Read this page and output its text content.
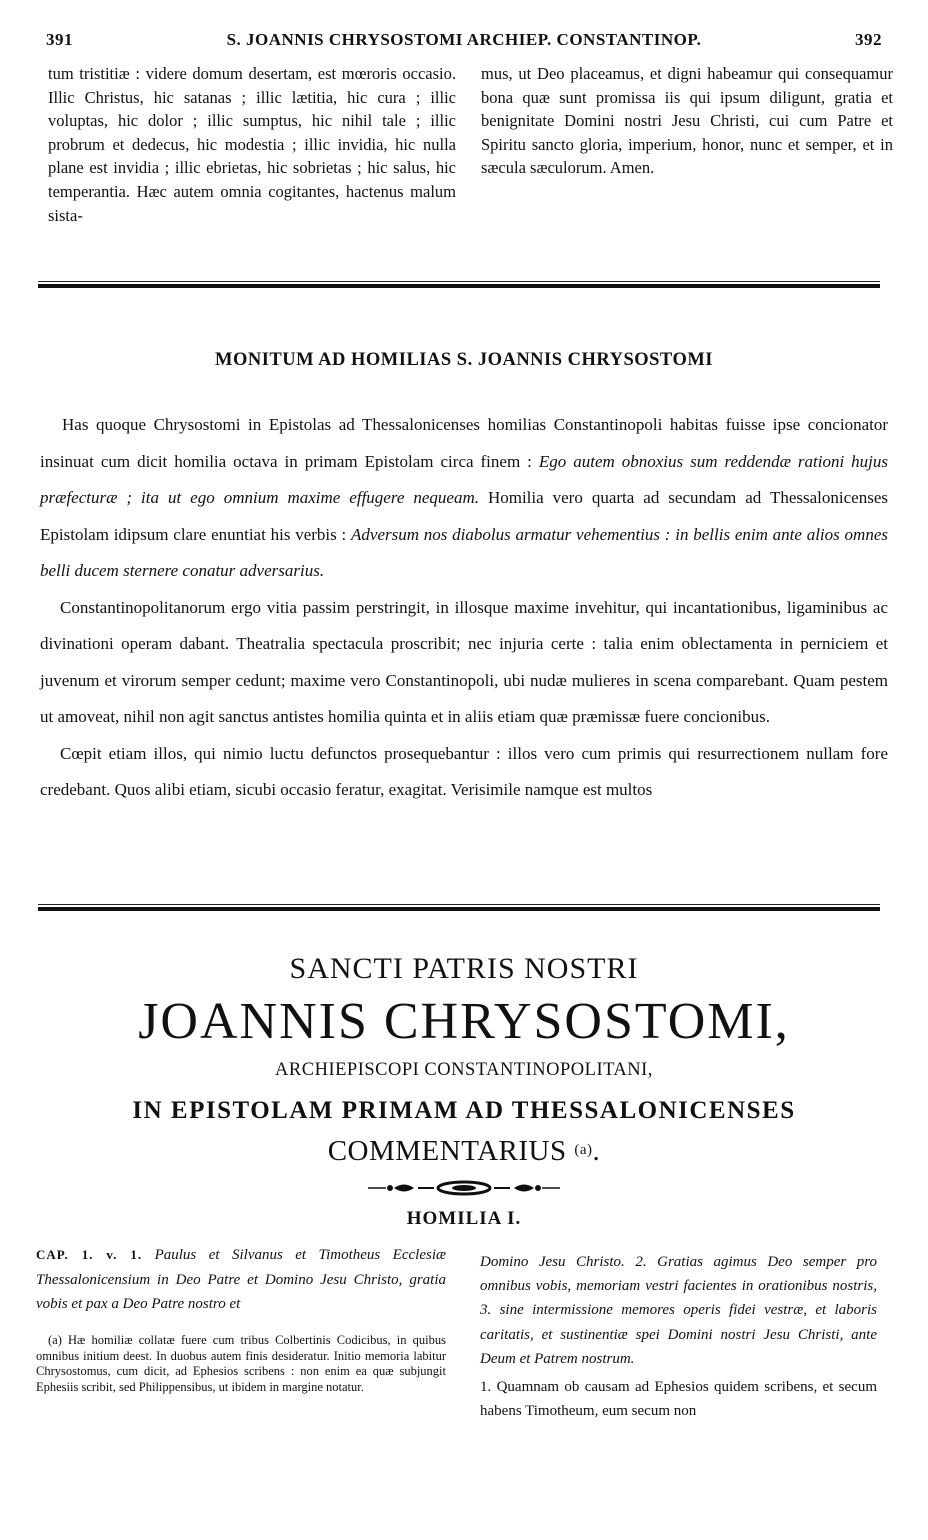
391	S. JOANNIS CHRYSOSTOMI ARCHIEP. CONSTANTINOP.	392

tum tristitiæ : videre domum desertam, est mœroris occasio. Illic Christus, hic satanas ; illic lætitia, hic cura ; illic voluptas, hic dolor ; illic sumptus, hic nihil tale ; illic probrum et dedecus, hic modestia ; illic invidia, hic nulla plane est invidia ; illic ebrietas, hic sobrietas ; hic salus, hic temperantia. Hæc autem omnia cogitantes, hactenus malum sista-

mus, ut Deo placeamus, et digni habeamur qui consequamur bona quæ sunt promissa iis qui ipsum diligunt, gratia et benignitate Domini nostri Jesu Christi, cui cum Patre et Spiritu sancto gloria, imperium, honor, nunc et semper, et in sæcula sæculorum. Amen.

MONITUM AD HOMILIAS S. JOANNIS CHRYSOSTOMI

Has quoque Chrysostomi in Epistolas ad Thessalonicenses homilias Constantinopoli habitas fuisse ipse concionator insinuat cum dicit homilia octava in primam Epistolam circa finem : Ego autem obnoxius sum reddendæ rationi hujus præfecturæ ; ita ut ego omnium maxime effugere nequeam. Homilia vero quarta ad secundam ad Thessalonicenses Epistolam idipsum clare enuntiat his verbis : Adversum nos diabolus armatur vehementius : in bellis enim ante alios omnes belli ducem sternere conatur adversarius.

Constantinopolitanorum ergo vitia passim perstringit, in illosque maxime invehitur, qui incantationibus, ligaminibus ac divinationi operam dabant. Theatralia spectacula proscribit; nec injuria certe : talia enim oblectamenta in perniciem et juvenum et virorum semper cedunt; maxime vero Constantinopoli, ubi nudæ mulieres in scena comparebant. Quam pestem ut amoveat, nihil non agit sanctus antistes homilia quinta et in aliis etiam quæ præmissæ fuere concionibus.

Cœpit etiam illos, qui nimio luctu defunctos prosequebantur : illos vero cum primis qui resurrectionem nullam fore credebant. Quos alibi etiam, sicubi occasio feratur, exagitat. Verisimile namque est multos

SANCTI PATRIS NOSTRI
JOANNIS CHRYSOSTOMI,
ARCHIEPISCOPI CONSTANTINOPOLITANI,
IN EPISTOLAM PRIMAM AD THESSALONICENSES
COMMENTARIUS $^{(a)}$.
HOMILIA I.

CAP. 1. v. 1. Paulus et Silvanus et Timotheus Ecclesiæ Thessalonicensium in Deo Patre et Domino Jesu Christo, gratia vobis et pax a Deo Patre nostro et

(a) Hæ homiliæ collatæ fuere cum tribus Colbertinis Codicibus, in quibus omnibus initium deest. In duobus autem finis desideratur. Initio memoria labitur Chrysostomus, cum dicit, ad Ephesios scribens : non enim ea quæ subjungit Ephesiis scribit, sed Philippensibus, ut ibidem in margine notatur.

Domino Jesu Christo. 2. Gratias agimus Deo semper pro omnibus vobis, memoriam vestri facientes in orationibus nostris, 3. sine intermissione memores operis fidei vestræ, et laboris caritatis, et sustinentiæ spei Domini nostri Jesu Christi, ante Deum et Patrem nostrum.

1. Quamnam ob causam ad Ephesios quidem scribens, et secum habens Timotheum, eum secum non
